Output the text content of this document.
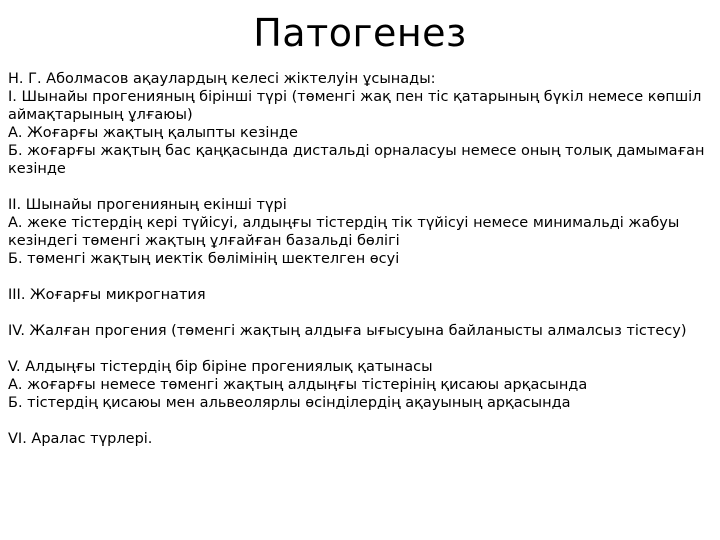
Патогенез

Н. Г. Аболмасов ақаулардың келесі жіктелуін ұсынады:

І. Шынайы прогенияның бірінші түрі (төменгі жақ пен тіс қатарының бүкіл немесе көпшіл аймақтарының ұлғаюы)

А. Жоғарғы жақтың қалыпты кезінде

Б. жоғарғы жақтың бас қаңқасында дистальді орналасуы немесе оның толық дамымаған кезінде

ІІ. Шынайы прогенияның екінші түрі

А. жеке тістердің кері түйісуі, алдыңғы тістердің тік түйісуі немесе минимальді жабуы кезіндегі төменгі жақтың ұлғайған базальді бөлігі

Б. төменгі жақтың иектік бөлімінің шектелген өсуі

ІІІ. Жоғарғы микрогнатия

ІV. Жалған прогения (төменгі жақтың алдыға ығысуына байланысты алмалсыз тістесу)

V. Алдыңғы тістердің бір біріне прогениялық қатынасы

А. жоғарғы немесе төменгі жақтың алдыңғы тістерінің қисаюы арқасында

Б. тістердің қисаюы мен альвеолярлы өсінділердің ақауының арқасында

VІ. Аралас түрлері.
